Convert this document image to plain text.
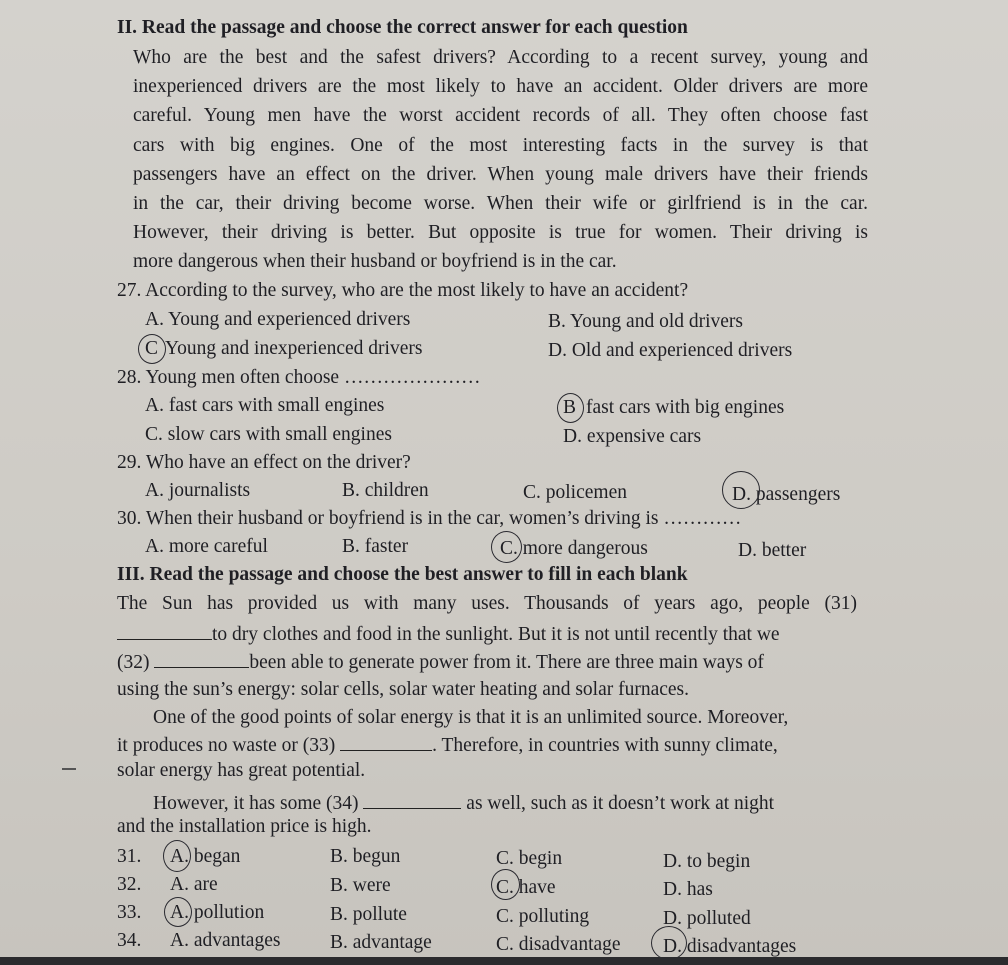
II. Read the passage and choose the correct answer for each question
Who are the best and the safest drivers? According to a recent survey, young and
inexperienced drivers are the most likely to have an accident. Older drivers are more
careful. Young men have the worst accident records of all. They often choose fast
cars with big engines. One of the most interesting facts in the survey is that
passengers have an effect on the driver. When young male drivers have their friends
in the car, their driving become worse. When their wife or girlfriend is in the car.
However, their driving is better. But opposite is true for women. Their driving is
more dangerous when their husband or boyfriend is in the car.
27. According to the survey, who are the most likely to have an accident?
A. Young and experienced drivers	B. Young and old drivers
C Young and inexperienced drivers	D. Old and experienced drivers
28. Young men often choose …………………
A. fast cars with small engines	B fast cars with big engines
C. slow cars with small engines	D. expensive cars
29. Who have an effect on the driver?
A. journalists	B. children	C. policemen	D. passengers
30. When their husband or boyfriend is in the car, women’s driving is …………
A. more careful	B. faster	C. more dangerous	D. better
III. Read the passage and choose the best answer to fill in each blank
The Sun has provided us with many uses. Thousands of years ago, people (31)
to dry clothes and food in the sunlight. But it is not until recently that we
(32)	been able to generate power from it. There are three main ways of
using the sun’s energy: solar cells, solar water heating and solar furnaces.
One of the good points of solar energy is that it is an unlimited source. Moreover,
it produces no waste or (33)	. Therefore, in countries with sunny climate,
solar energy has great potential.
However, it has some (34)	as well, such as it doesn’t work at night
and the installation price is high.
31. A. began	B. begun	C. begin	D. to begin
32. A. are	B. were	C. have	D. has
33. A. pollution	B. pollute	C. polluting	D. polluted
34. A. advantages	B. advantage	C. disadvantage D. disadvantages
